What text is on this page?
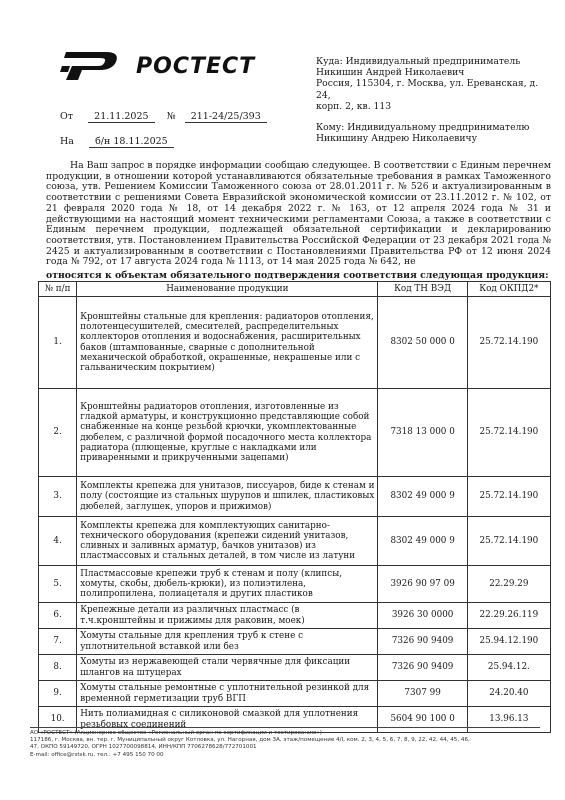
РОСТЕСТ	Куда: Индивидуальный предприниматель
Никишин Андрей Николаевич
Россия, 115304, г. Москва, ул. Ереванская, д. 24,
корп. 2, кв. 113
От 21.11.2025 № 211-24/25/393
На б/н 18.11.2025
Кому: Индивидуальному предпринимателю
Никишину Андрею Николаевичу
На Ваш запрос в порядке информации сообщаю следующее. В соответствии с Единым перечнем продукции, в отношении которой устанавливаются обязательные требования в рамках Таможенного союза, утв. Решением Комиссии Таможенного союза от 28.01.2011 г. № 526 и актуализированным в соответствии с решениями Совета Евразийской экономической комиссии от 23.11.2012 г. № 102, от 21 февраля 2020 года № 18, от 14 декабря 2022 г. № 163, от 12 апреля 2024 года № 31 и действующими на настоящий момент техническими регламентами Союза, а также в соответствии с Единым перечнем продукции, подлежащей обязательной сертификации и декларированию соответствия, утв. Постановлением Правительства Российской Федерации от 23 декабря 2021 года № 2425 и актуализированным в соответствии с Постановлениями Правительства РФ от 12 июня 2024 года № 792, от 17 августа 2024 года № 1113, от 14 мая 2025 года № 642, не
относятся к объектам обязательного подтверждения соответствия следующая продукция:
№ п/п	Наименование продукции	Код ТН ВЭД	Код ОКПД2*
1.	Кронштейны стальные для крепления: радиаторов отопления, полотенцесушителей, смесителей, распределительных коллекторов отопления и водоснабжения, расширительных баков (штампованные, сварные с дополнительной механической обработкой, окрашенные, некрашеные или с гальваническим покрытием)	8302 50 000 0	25.72.14.190
2.	Кронштейны радиаторов отопления, изготовленные из гладкой арматуры, и конструкционно представляющие собой снабженные на конце резьбой крючки, укомплектованные дюбелем, с различной формой посадочного места коллектора радиатора (плющеные, круглые с накладками или приваренными и прикрученными зацепами)	7318 13 000 0	25.72.14.190
3.	Комплекты крепежа для унитазов, писсуаров, биде к стенам и полу (состоящие из стальных шурупов и шпилек, пластиковых дюбелей, заглушек, упоров и прижимов)	8302 49 000 9	25.72.14.190
4.	Комплекты крепежа для комплектующих санитарно-технического оборудования (крепежи сидений унитазов, сливных и заливных арматур, бачков унитазов) из пластмассовых и стальных деталей, в том числе из латуни	8302 49 000 9	25.72.14.190
5.	Пластмассовые крепежи труб к стенам и полу (клипсы, хомуты, скобы, дюбель-крюки), из полиэтилена, полипропилена, полиацеталя и других пластиков	3926 90 97 09	22.29.29
6.	Крепежные детали из различных пластмасс (в т.ч.кронштейны и прижимы для раковин, моек)	3926 30 0000	22.29.26.119
7.	Хомуты стальные для крепления труб к стене с уплотнительной вставкой или без	7326 90 9409	25.94.12.190
8.	Хомуты из нержавеющей стали червячные для фиксации шлангов на штуцерах	7326 90 9409	25.94.12.
9.	Хомуты стальные ремонтные с уплотнительной резинкой для временной герметизации труб ВГП	7307 99	24.20.40
10.	Нить полиамидная с силиконовой смазкой для уплотнения резьбовых соединений	5604 90 100 0	13.96.13
АО «РОСТЕСТ» (Акционерное общество «Региональный орган по сертификации и тестированию»)
117186, г. Москва, вн. тер. г. Муниципальный округ Котловка, ул. Нагорная, дом 3А, этаж/помещение 4/I, ком. 2, 3, 4, 5, 6, 7, 8, 9, 22, 42, 44, 45, 46,
47, ОКПО 59149720, ОГРН 1027700098814, ИНН/КПП 7706278628/772701001
E-mail: office@rstsk.ru, тел.: +7 495 150 70 00
